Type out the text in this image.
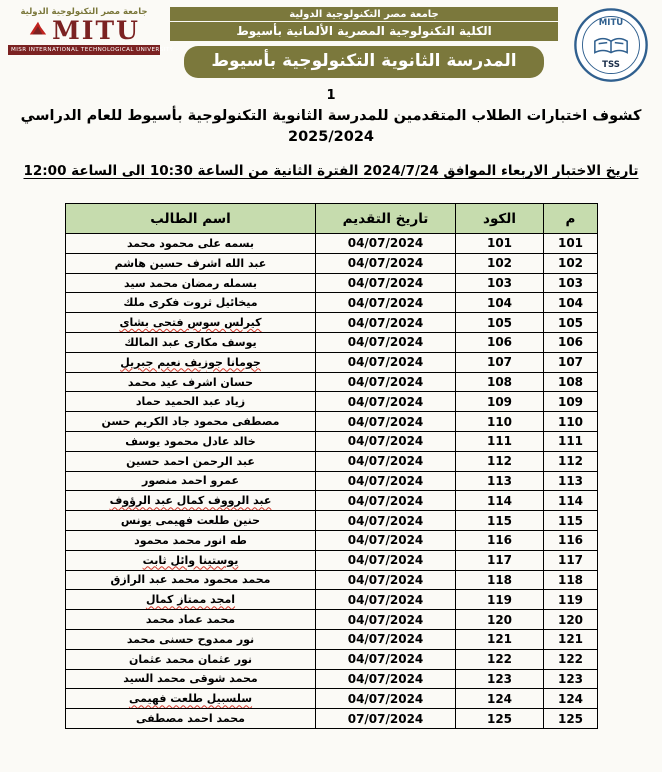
جامعة مصر التكنولوجية الدولية
MITU
MISR INTERNATIONAL TECHNOLOGICAL UNIVERSITY
جامعة مصر التكنولوجية الدولية
الكلية التكنولوجية المصرية الألمانية بأسيوط
المدرسة الثانوية التكنولوجية بأسيوط
MITU
TSS
1
كشوف اختبارات الطلاب المتقدمين للمدرسة الثانوية التكنولوجية بأسيوط للعام الدراسي
2025/2024
تاريخ الاختبار الاربعاء الموافق 2024/7/24 الفترة الثانية من الساعة 10:30 الى الساعة 12:00
م	الكود	تاريخ التقديم	اسم الطالب
101	101	04/07/2024	بسمه على محمود محمد
102	102	04/07/2024	عبد الله اشرف حسين هاشم
103	103	04/07/2024	بسمله رمضان محمد سيد
104	104	04/07/2024	ميخائيل ثروت فكرى ملك
105	105	04/07/2024	كيرلس سوس فتحى بشاى
106	106	04/07/2024	يوسف مكارى عبد المالك
107	107	04/07/2024	جومانا جوزيف نعيم جبريل
108	108	04/07/2024	حسان اشرف عيد محمد
109	109	04/07/2024	زياد عبد الحميد حماد
110	110	04/07/2024	مصطفى محمود جاد الكريم حسن
111	111	04/07/2024	خالد عادل محمود يوسف
112	112	04/07/2024	عبد الرحمن احمد حسين
113	113	04/07/2024	عمرو احمد منصور
114	114	04/07/2024	عبد الرووف كمال عبد الرؤوف
115	115	04/07/2024	حنين طلعت فهيمى يونس
116	116	04/07/2024	طه انور محمد محمود
117	117	04/07/2024	يوستينا وائل ثابت
118	118	04/07/2024	محمد محمود محمد عبد الرازق
119	119	04/07/2024	امجد ممتاز كمال
120	120	04/07/2024	محمد عماد محمد
121	121	04/07/2024	نور ممدوح حسنى محمد
122	122	04/07/2024	نور عثمان محمد عثمان
123	123	04/07/2024	محمد شوقى محمد السيد
124	124	04/07/2024	سلسبيل طلعت فهيمى
125	125	07/07/2024	محمد احمد مصطفى
